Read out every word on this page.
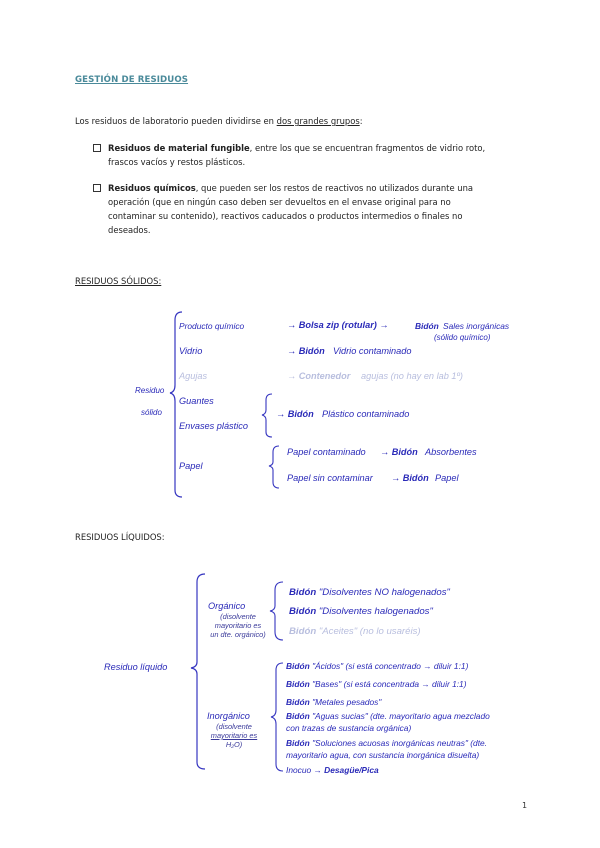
GESTIÓN DE RESIDUOS
Los residuos de laboratorio pueden dividirse en dos grandes grupos:
Residuos de material fungible, entre los que se encuentran fragmentos de vidrio roto,
frascos vacíos y restos plásticos.
Residuos químicos, que pueden ser los restos de reactivos no utilizados durante una
operación (que en ningún caso deben ser devueltos en el envase original para no
contaminar su contenido), reactivos caducados o productos intermedios o finales no
deseados.
RESIDUOS SÓLIDOS:
Residuo
sólido
Producto químico	→ Bolsa zip (rotular) →	Bidón Sales inorgánicas
(sólido químico)
Vidrio	→ Bidón Vidrio contaminado
Agujas	→ Contenedor agujas (no hay en lab 1º)
Guantes
Envases plástico
→ Bidón Plástico contaminado
Papel
Papel contaminado → Bidón Absorbentes
Papel sin contaminar → Bidón Papel
RESIDUOS LÍQUIDOS:
Residuo líquido
Orgánico
(disolvente
mayoritario es
un dte. orgánico)
Inorgánico
(disolvente
mayoritario es
H₂O)
Bidón "Disolventes NO halogenados"
Bidón "Disolventes halogenados"
Bidón "Aceites" (no lo usaréis)
Bidón "Ácidos" (si está concentrado → diluir 1:1)
Bidón "Bases" (si está concentrada → diluir 1:1)
Bidón "Metales pesados"
Bidón "Aguas sucias" (dte. mayoritario agua mezclado
con trazas de sustancia orgánica)
Bidón "Soluciones acuosas inorgánicas neutras" (dte.
mayoritario agua, con sustancia inorgánica disuelta)
Inocuo → Desagüe/Pica
1
